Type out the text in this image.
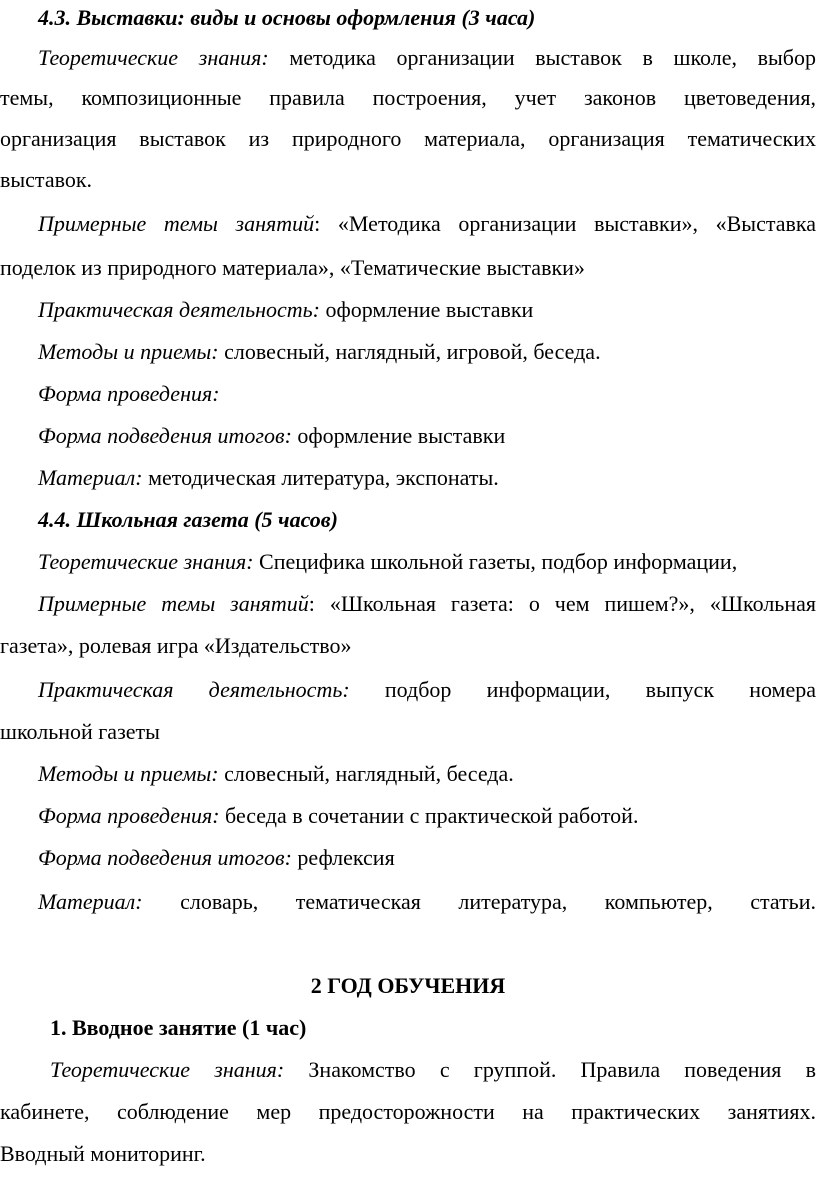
4.3. Выставки: виды и основы оформления (3 часа)
Теоретические знания: методика организации выставок в школе, выбор
темы, композиционные правила построения, учет законов цветоведения,
организация выставок из природного материала, организация тематических
выставок.
Примерные темы занятий: «Методика организации выставки», «Выставка
поделок из природного материала», «Тематические выставки»
Практическая деятельность: оформление выставки
Методы и приемы: словесный, наглядный, игровой, беседа.
Форма проведения:
Форма подведения итогов: оформление выставки
Материал: методическая литература, экспонаты.
4.4. Школьная газета (5 часов)
Теоретические знания: Специфика школьной газеты, подбор информации,
Примерные темы занятий: «Школьная газета: о чем пишем?», «Школьная
газета», ролевая игра «Издательство»
Практическая деятельность: подбор информации, выпуск номера
школьной газеты
Методы и приемы: словесный, наглядный, беседа.
Форма проведения: беседа в сочетании с практической работой.
Форма подведения итогов: рефлексия
Материал: словарь, тематическая литература, компьютер, статьи.
2 ГОД ОБУЧЕНИЯ
1. Вводное занятие (1 час)
Теоретические знания: Знакомство с группой. Правила поведения в
кабинете, соблюдение мер предосторожности на практических занятиях.
Вводный мониторинг.
